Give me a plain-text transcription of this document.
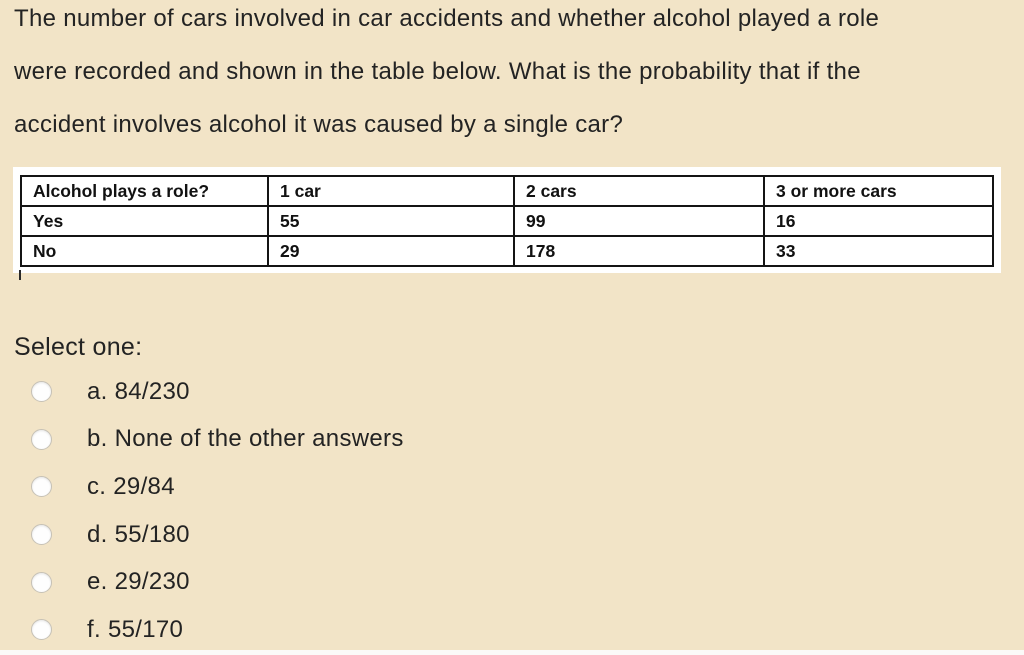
The number of cars involved in car accidents and whether alcohol played a role
were recorded and shown in the table below. What is the probability that if the
accident involves alcohol it was caused by a single car?
Alcohol plays a role?	1 car	2 cars	3 or more cars
Yes	55	99	16
No	29	178	33
Select one:
a. 84/230
b. None of the other answers
c. 29/84
d. 55/180
e. 29/230
f. 55/170
